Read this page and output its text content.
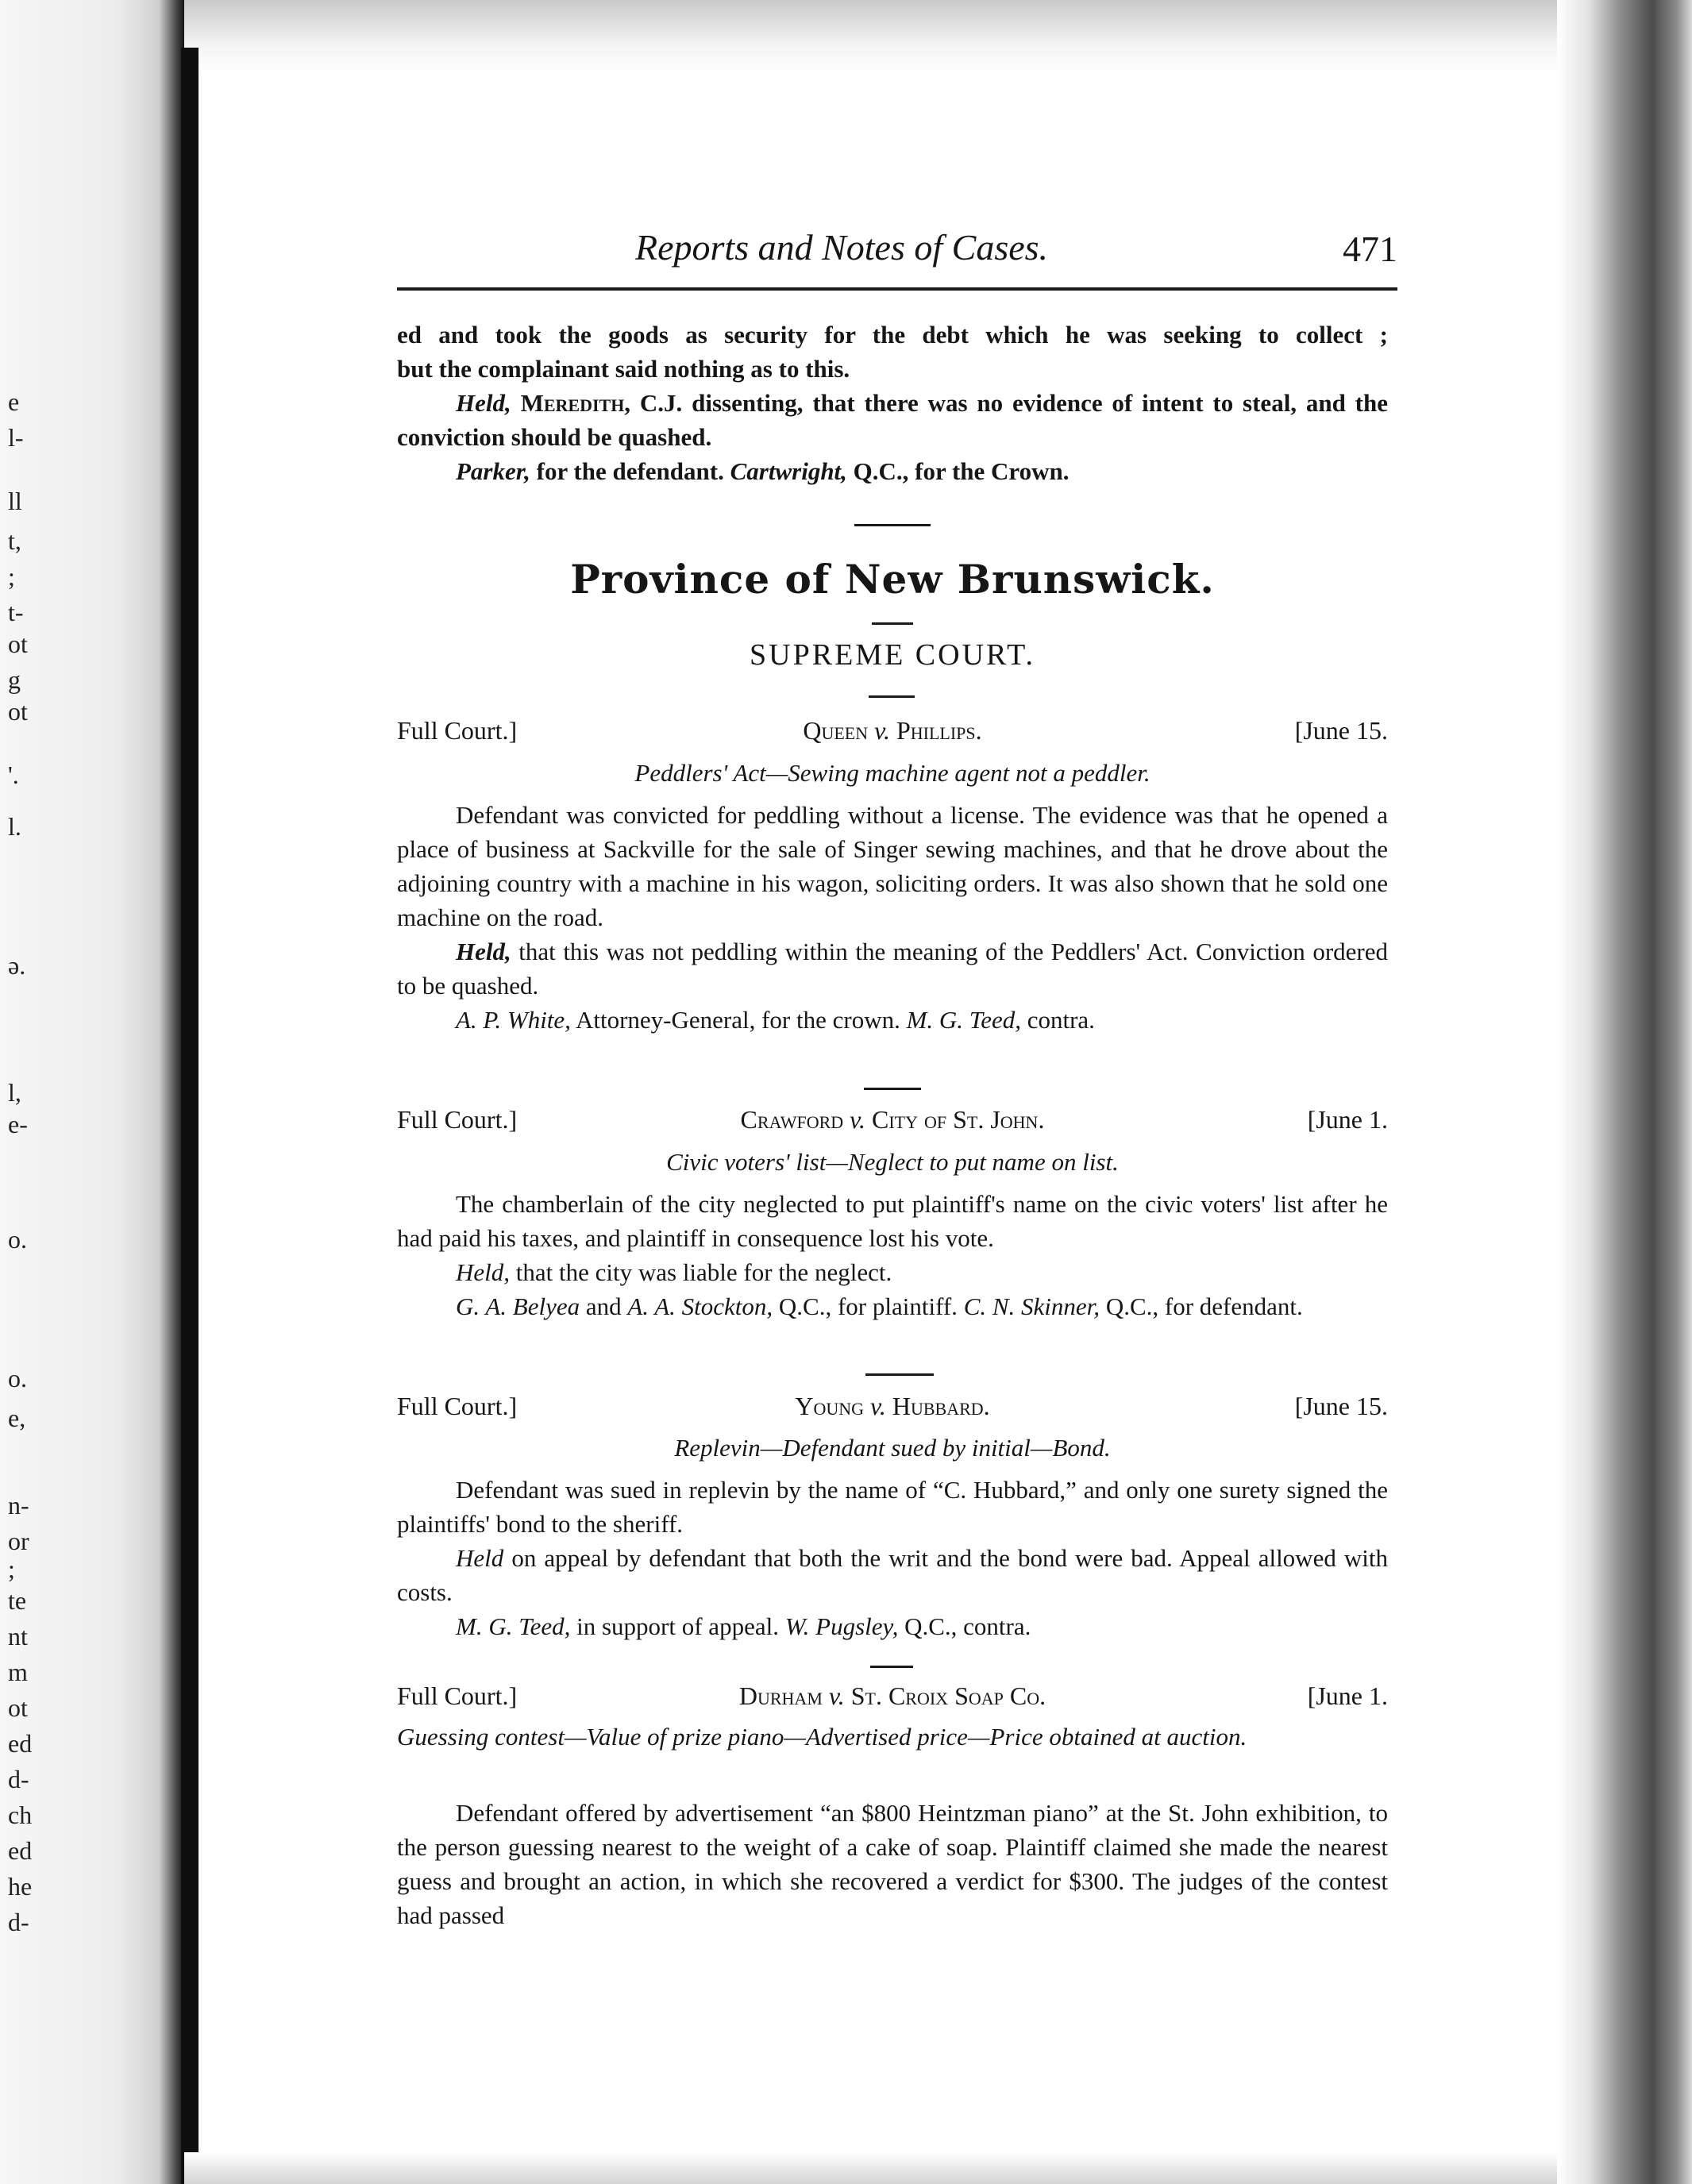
e
l-
ll
t,
;
t-
ot
g
ot
'.
l.
ə.
l,
e-
o.
o.
e,
n-
or
;
te
nt
m
ot
ed
d-
ch
ed
he
d-
Reports and Notes of Cases.	471

ed and took the goods as security for the debt which he was seeking to collect ;

but the complainant said nothing as to this.

Held, Meredith, C.J. dissenting, that there was no evidence of intent to steal, and the conviction should be quashed.

Parker, for the defendant. Cartwright, Q.C., for the Crown.

Province of New Brunswick.
SUPREME COURT.
Full Court.]	Queen v. Phillips.	[June 15.
Peddlers' Act—Sewing machine agent not a peddler.

Defendant was convicted for peddling without a license. The evidence was that he opened a place of business at Sackville for the sale of Singer sewing machines, and that he drove about the adjoining country with a machine in his wagon, soliciting orders. It was also shown that he sold one machine on the road.

Held, that this was not peddling within the meaning of the Peddlers' Act. Conviction ordered to be quashed.

A. P. White, Attorney-General, for the crown. M. G. Teed, contra.

Full Court.]	Crawford v. City of St. John.	[June 1.
Civic voters' list—Neglect to put name on list.

The chamberlain of the city neglected to put plaintiff's name on the civic voters' list after he had paid his taxes, and plaintiff in consequence lost his vote.

Held, that the city was liable for the neglect.

G. A. Belyea and A. A. Stockton, Q.C., for plaintiff. C. N. Skinner, Q.C., for defendant.

Full Court.]	Young v. Hubbard.	[June 15.
Replevin—Defendant sued by initial—Bond.

Defendant was sued in replevin by the name of “C. Hubbard,” and only one surety signed the plaintiffs' bond to the sheriff.

Held on appeal by defendant that both the writ and the bond were bad. Appeal allowed with costs.

M. G. Teed, in support of appeal. W. Pugsley, Q.C., contra.

Full Court.]	Durham v. St. Croix Soap Co.	[June 1.
Guessing contest—Value of prize piano—Advertised price—Price obtained at auction.

Defendant offered by advertisement “an $800 Heintzman piano” at the St. John exhibition, to the person guessing nearest to the weight of a cake of soap. Plaintiff claimed she made the nearest guess and brought an action, in which she recovered a verdict for $300. The judges of the contest had passed
